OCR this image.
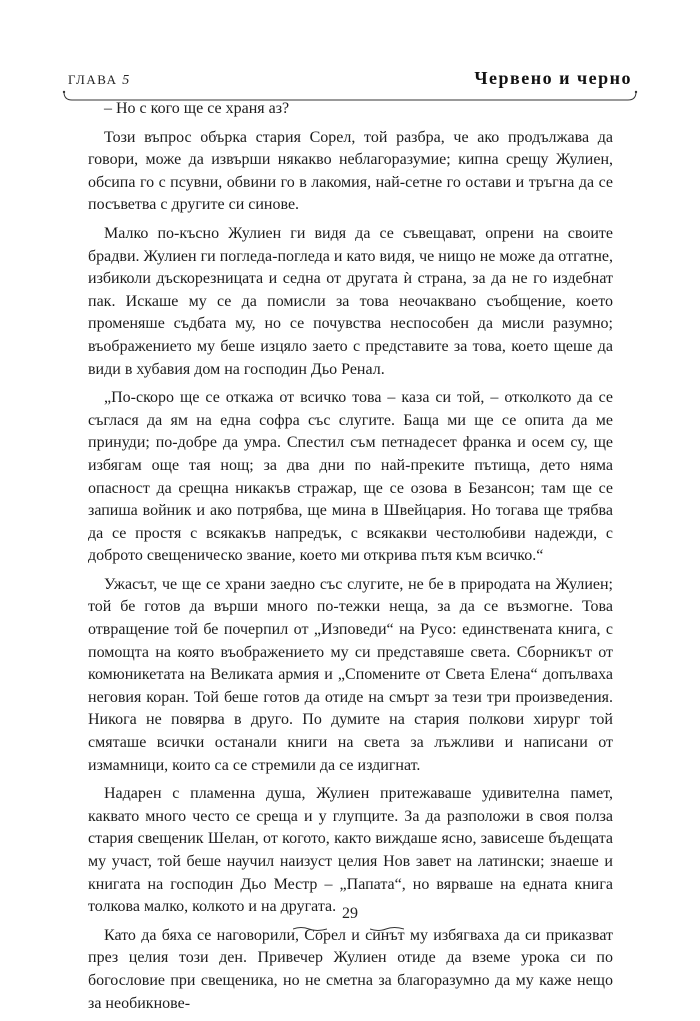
ГЛАВА 5	Червено и черно

– Но с кого ще се храня аз?

Този въпрос обърка стария Сорел, той разбра, че ако продължава да говори, може да извърши някакво неблагоразумие; кипна срещу Жулиен, обсипа го с псувни, обвини го в лакомия, най-сетне го остави и тръгна да се посъветва с другите си синове.

Малко по-късно Жулиен ги видя да се съвещават, опрени на своите брадви. Жулиен ги погледа-погледа и като видя, че нищо не може да отгатне, избиколи дъскорезницата и седна от другата ѝ страна, за да не го издебнат пак. Искаше му се да помисли за това неочаквано съобщение, което променяше съдбата му, но се почувства неспособен да мисли разумно; въображението му беше изцяло заето с представите за това, което щеше да види в хубавия дом на господин Дьо Ренал.

„По-скоро ще се откажа от всичко това – каза си той, – отколкото да се съглася да ям на една софра със слугите. Баща ми ще се опита да ме принуди; по-добре да умра. Спестил съм петнадесет франка и осем су, ще избягам още тая нощ; за два дни по най-преките пътища, дето няма опасност да срещна никакъв стражар, ще се озова в Безансон; там ще се запиша войник и ако потрябва, ще мина в Швейцария. Но тогава ще трябва да се простя с всякакъв напредък, с всякакви честолюбиви надежди, с доброто свещеническо звание, което ми открива пътя към всичко.“

Ужасът, че ще се храни заедно със слугите, не бе в природата на Жулиен; той бе готов да върши много по-тежки неща, за да се възмогне. Това отвращение той бе почерпил от „Изповеди“ на Русо: единствената книга, с помощта на която въображението му си представяше света. Сборникът от комюникетата на Великата армия и „Спомените от Света Елена“ допълваха неговия коран. Той беше готов да отиде на смърт за тези три произведения. Никога не повярва в друго. По думите на стария полкови хирург той смяташе всички останали книги на света за лъжливи и написани от измамници, които са се стремили да се издигнат.

Надарен с пламенна душа, Жулиен притежаваше удивителна памет, каквато много често се среща и у глупците. За да разположи в своя полза стария свещеник Шелан, от когото, както виждаше ясно, зависеше бъдещата му участ, той беше научил наизуст целия Нов завет на латински; знаеше и книгата на господин Дьо Местр – „Папата“, но вярваше на едната книга толкова малко, колкото и на другата.

Като да бяха се наговорили, Сорел и синът му избягваха да си приказват през целия този ден. Привечер Жулиен отиде да вземе урока си по богословие при свещеника, но не сметна за благоразумно да му каже нещо за необикнове-

29
